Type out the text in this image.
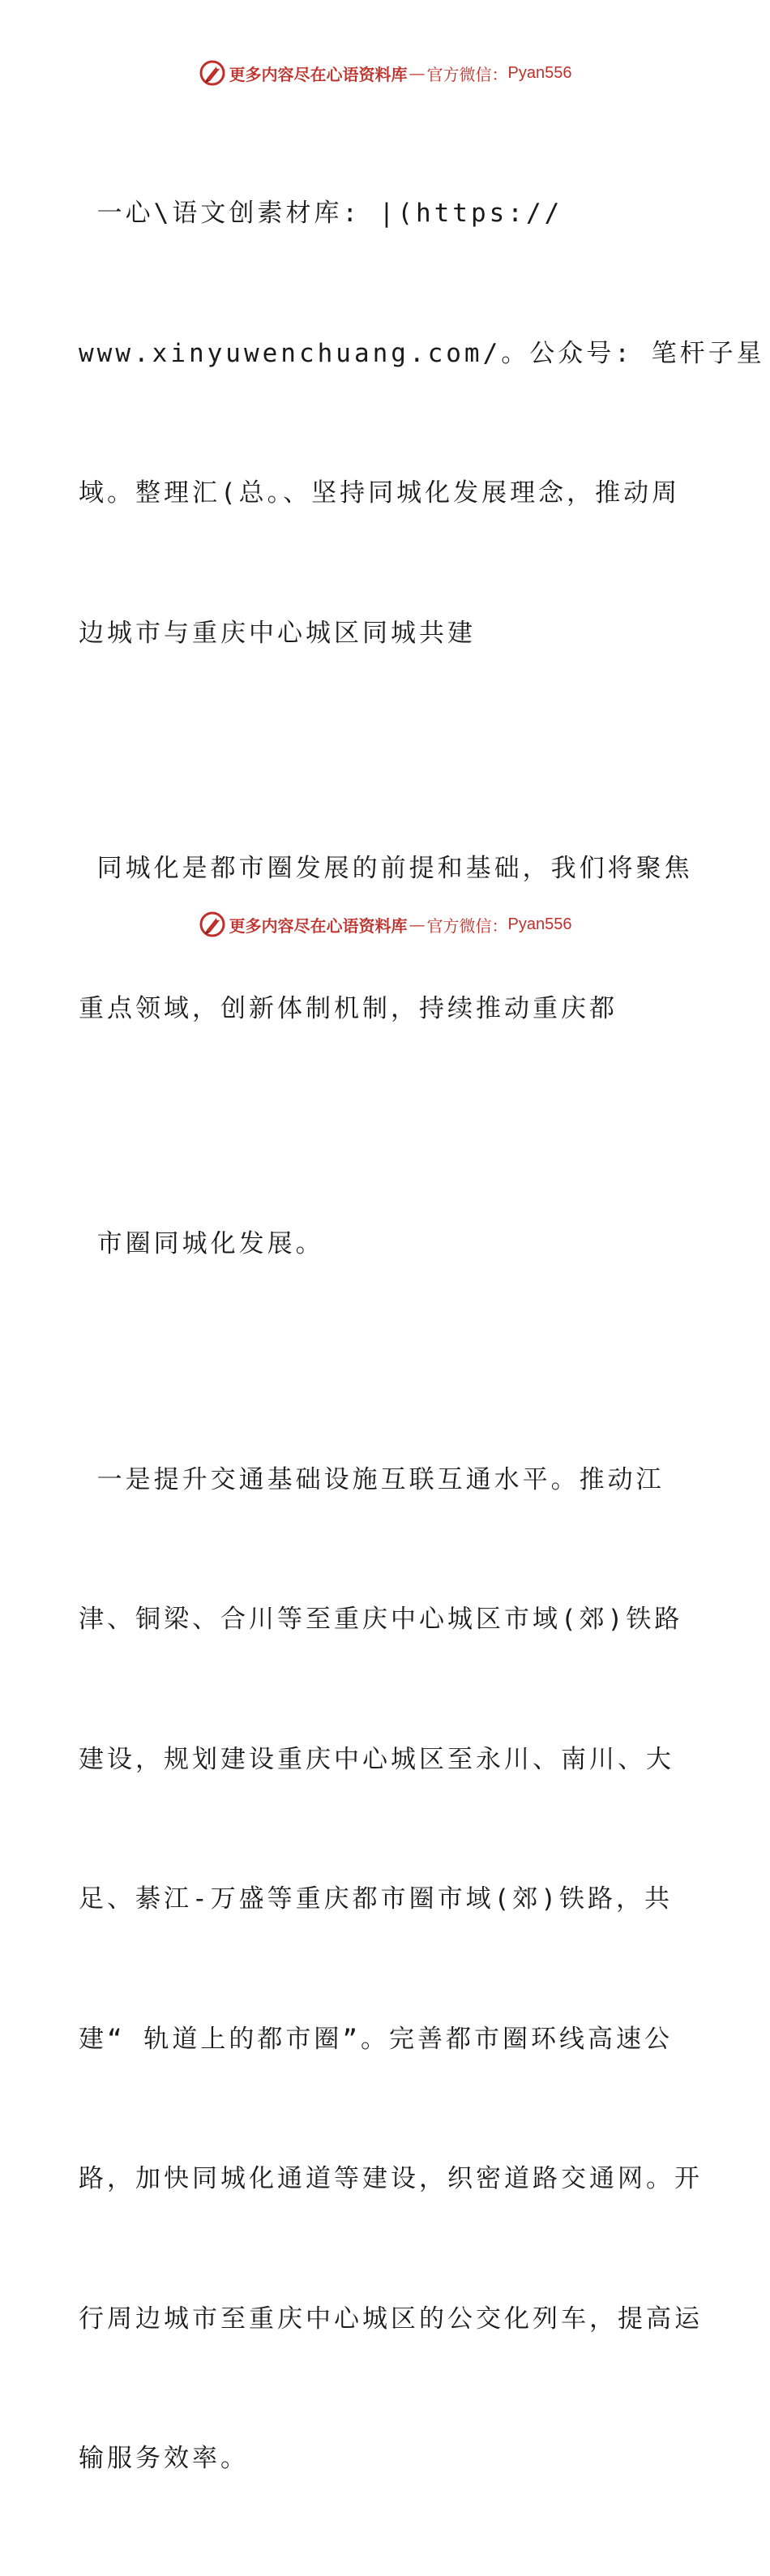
更多内容尽在心语资料库 — 官方微信： Pyan556

一心\语文创素材库: |(https://

www.xinyuwenchuang.com/。公众号: 笔杆子星

域。整理汇(总。、坚持同城化发展理念，推动周

边城市与重庆中心城区同城共建

同城化是都市圈发展的前提和基础，我们将聚焦

重点领域，创新体制机制，持续推动重庆都

市圈同城化发展。

一是提升交通基础设施互联互通水平。推动江

津、铜梁、合川等至重庆中心城区市域(郊)铁路

建设，规划建设重庆中心城区至永川、南川、大

足、綦江-万盛等重庆都市圈市域(郊)铁路，共

建“ 轨道上的都市圈”。完善都市圈环线高速公

路，加快同城化通道等建设，织密道路交通网。开

行周边城市至重庆中心城区的公交化列车，提高运

输服务效率。

更多内容尽在心语资料库 — 官方微信： Pyan556
